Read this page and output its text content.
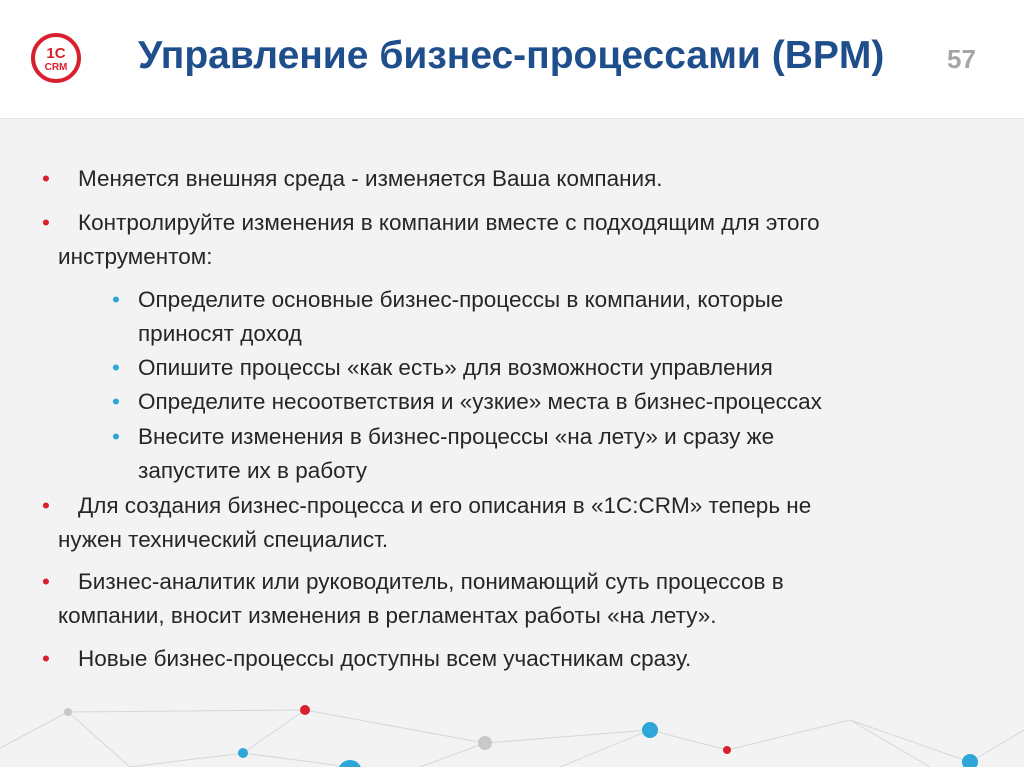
1С
CRM Управление бизнес-процессами (BPM) 57
• Меняется внешняя среда - изменяется Ваша компания.
• Контролируйте изменения в компании вместе с подходящим для этого
инструментом:
• Определите основные бизнес-процессы в компании, которые
приносят доход
• Опишите процессы «как есть» для возможности управления
• Определите несоответствия и «узкие» места в бизнес-процессах
• Внесите изменения в бизнес-процессы «на лету» и сразу же
запустите их в работу
• Для создания бизнес-процесса и его описания в «1С:CRM» теперь не
нужен технический специалист.
• Бизнес-аналитик или руководитель, понимающий суть процессов в
компании, вносит изменения в регламентах работы «на лету».
• Новые бизнес-процессы доступны всем участникам сразу.
